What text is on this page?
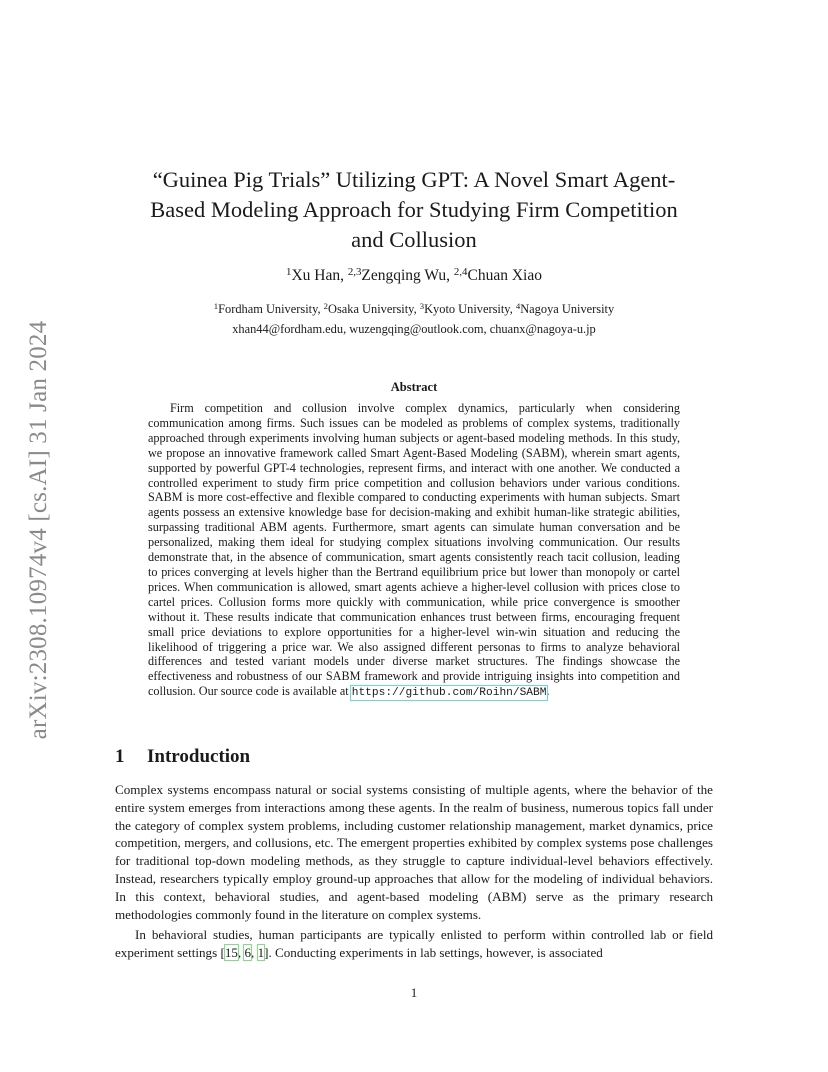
arXiv:2308.10974v4 [cs.AI] 31 Jan 2024
“Guinea Pig Trials” Utilizing GPT: A Novel Smart Agent-Based Modeling Approach for Studying Firm Competition and Collusion
$^1$Xu Han, $^{2,3}$Zengqing Wu, $^{2,4}$Chuan Xiao
$^1$Fordham University, $^2$Osaka University, $^3$Kyoto University, $^4$Nagoya University
xhan44@fordham.edu, wuzengqing@outlook.com, chuanx@nagoya-u.jp
Abstract

Firm competition and collusion involve complex dynamics, particularly when considering communication among firms. Such issues can be modeled as problems of complex systems, traditionally approached through experiments involving human subjects or agent-based modeling methods. In this study, we propose an innovative framework called Smart Agent-Based Modeling (SABM), wherein smart agents, supported by powerful GPT-4 technologies, represent firms, and interact with one another. We conducted a controlled experiment to study firm price competition and collusion behaviors under various conditions. SABM is more cost-effective and flexible compared to conducting experiments with human subjects. Smart agents possess an extensive knowledge base for decision-making and exhibit human-like strategic abilities, surpassing traditional ABM agents. Furthermore, smart agents can simulate human conversation and be personalized, making them ideal for studying complex situations involving communication. Our results demonstrate that, in the absence of communication, smart agents consistently reach tacit collusion, leading to prices converging at levels higher than the Bertrand equilibrium price but lower than monopoly or cartel prices. When communication is allowed, smart agents achieve a higher-level collusion with prices close to cartel prices. Collusion forms more quickly with communication, while price convergence is smoother without it. These results indicate that communication enhances trust between firms, encouraging frequent small price deviations to explore opportunities for a higher-level win-win situation and reducing the likelihood of triggering a price war. We also assigned different personas to firms to analyze behavioral differences and tested variant models under diverse market structures. The findings showcase the effectiveness and robustness of our SABM framework and provide intriguing insights into competition and collusion. Our source code is available at https://github.com/Roihn/SABM.

1 Introduction

Complex systems encompass natural or social systems consisting of multiple agents, where the behavior of the entire system emerges from interactions among these agents. In the realm of business, numerous topics fall under the category of complex system problems, including customer relationship management, market dynamics, price competition, mergers, and collusions, etc. The emergent properties exhibited by complex systems pose challenges for traditional top-down modeling methods, as they struggle to capture individual-level behaviors effectively. Instead, researchers typically employ ground-up approaches that allow for the modeling of individual behaviors. In this context, behavioral studies, and agent-based modeling (ABM) serve as the primary research methodologies commonly found in the literature on complex systems.

In behavioral studies, human participants are typically enlisted to perform within controlled lab or field experiment settings [15, 6, 1]. Conducting experiments in lab settings, however, is associated

1
